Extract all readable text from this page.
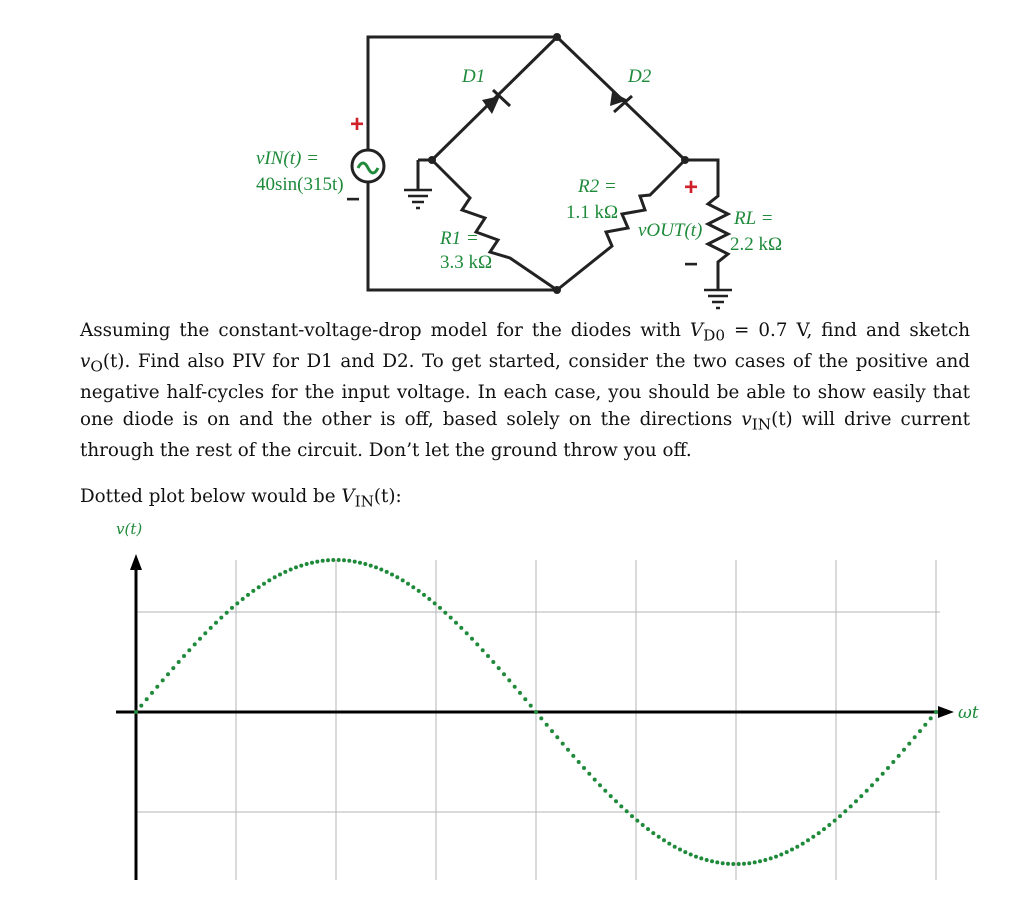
+
−
vIN(t) =
40sin(315t)
D1	D2
R1 =
3.3 kΩ
R2 =
1.1 kΩ	RL =
2.2 kΩ
+
vOUT(t)
−
Assuming the constant-voltage-drop model for the diodes with $V_{D0} = 0.7$ V, find and sketch $v_O(t)$. Find also PIV for D1 and D2. To get started, consider the two cases of the positive and negative half-cycles for the input voltage. In each case, you should be able to show easily that one diode is on and the other is off, based solely on the directions $v_{IN}(t)$ will drive current through the rest of the circuit. Don’t let the ground throw you off.
Dotted plot below would be $V_{IN}(t)$:
v(t)
ωt
